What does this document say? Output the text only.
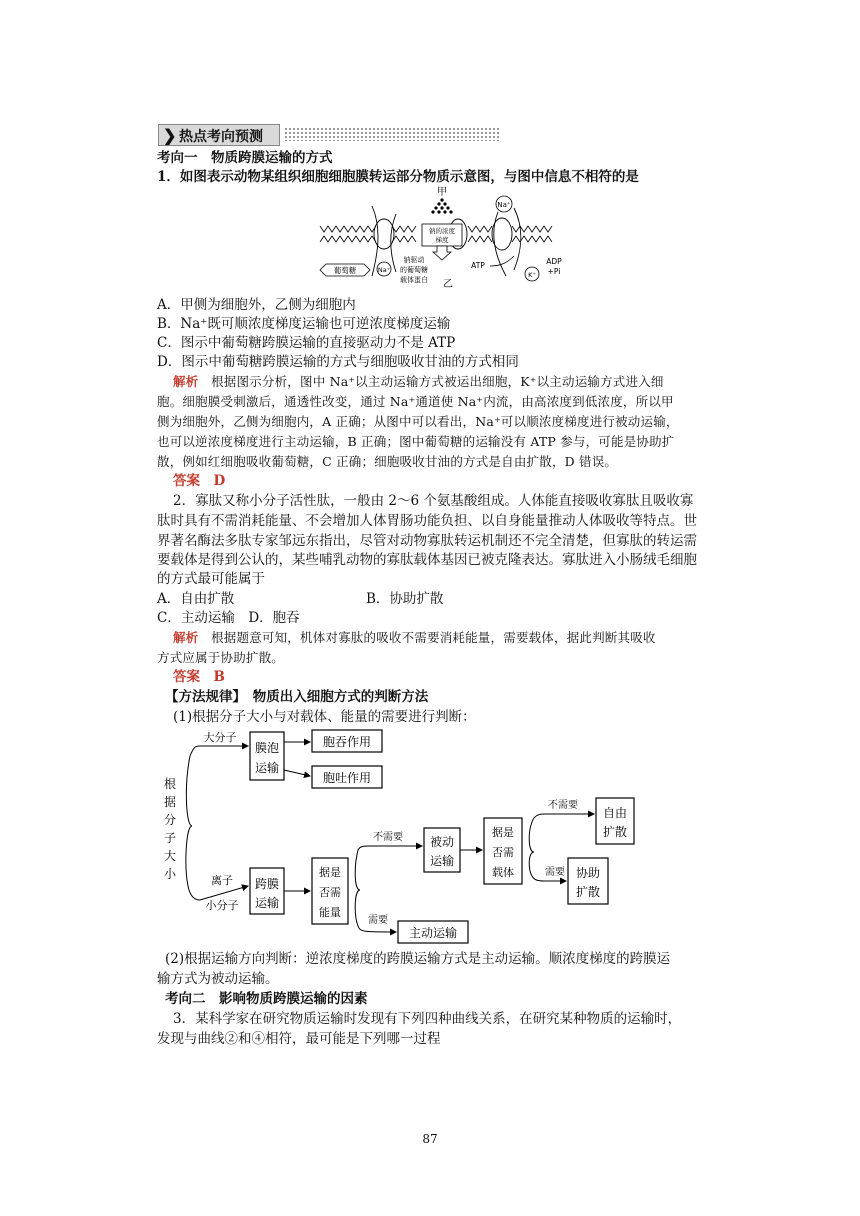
❯ 热点考向预测
考向一　物质跨膜运输的方式
1．如图表示动物某组织细胞细胞膜转运部分物质示意图，与图中信息不相符的是
甲
钠的浓度
梯度
Na⁺
Na⁺
K⁺
葡萄糖
钠驱动
的葡萄糖
载体蛋白 乙
ATP	ADP
+Pi
A．甲侧为细胞外，乙侧为细胞内
B．Na⁺既可顺浓度梯度运输也可逆浓度梯度运输
C．图示中葡萄糖跨膜运输的直接驱动力不是 ATP
D．图示中葡萄糖跨膜运输的方式与细胞吸收甘油的方式相同
解析　 根据图示分析，图中 Na⁺以主动运输方式被运出细胞，K⁺以主动运输方式进入细
胞。细胞膜受刺激后，通透性改变，通过 Na⁺通道使 Na⁺内流，由高浓度到低浓度，所以甲
侧为细胞外，乙侧为细胞内，A 正确；从图中可以看出，Na⁺可以顺浓度梯度进行被动运输，
也可以逆浓度梯度进行主动运输，B 正确；图中葡萄糖的运输没有 ATP 参与，可能是协助扩
散，例如红细胞吸收葡萄糖，C 正确；细胞吸收甘油的方式是自由扩散，D 错误。
答案　 D
2．寡肽又称小分子活性肽，一般由 2～6 个氨基酸组成。人体能直接吸收寡肽且吸收寡
肽时具有不需消耗能量、不会增加人体胃肠功能负担、以自身能量推动人体吸收等特点。世
界著名酶法多肽专家邹远东指出，尽管对动物寡肽转运机制还不完全清楚，但寡肽的转运需
要载体是得到公认的，某些哺乳动物的寡肽载体基因已被克隆表达。寡肽进入小肠绒毛细胞
的方式最可能属于
A．自由扩散	B．协助扩散
C．主动运输　D．胞吞
解析　 根据题意可知，机体对寡肽的吸收不需要消耗能量，需要载体，据此判断其吸收
方式应属于协助扩散。
答案　 B
【方法规律】　物质出入细胞方式的判断方法
(1)根据分子大小与对载体、能量的需要进行判断：
根
据
分
子
大
小
大分子
膜泡
运输
胞吞作用
胞吐作用
离子
小分子
跨膜
运输
据是
否需
能量
不需要
需要
主动运输
被动
运输
据是
否需
载体
不需要
需要
自由
扩散
协助
扩散
(2)根据运输方向判断：逆浓度梯度的跨膜运输方式是主动运输。顺浓度梯度的跨膜运
输方式为被动运输。
考向二　影响物质跨膜运输的因素
3．某科学家在研究物质运输时发现有下列四种曲线关系，在研究某种物质的运输时，
发现与曲线②和④相符，最可能是下列哪一过程
87
